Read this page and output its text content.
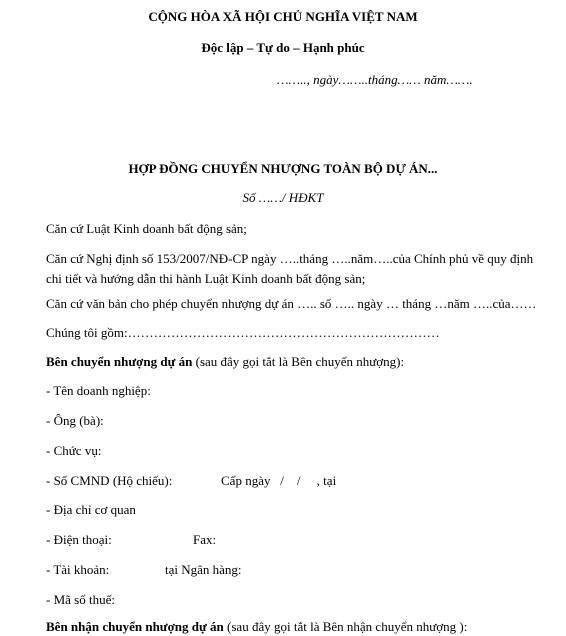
CỘNG HÒA XÃ HỘI CHỦ NGHĨA VIỆT NAM
Độc lập – Tự do – Hạnh phúc
…….., ngày……..tháng…… năm…….
HỢP ĐỒNG CHUYỂN NHƯỢNG TOÀN BỘ DỰ ÁN...
Số ……/ HĐKT
Căn cứ Luật Kinh doanh bất động sản;
Căn cứ Nghị định số 153/2007/NĐ-CP ngày …..tháng …..năm…..của Chính phủ về quy định chi tiết và hướng dẫn thi hành Luật Kinh doanh bất động sản;
Căn cứ văn bản cho phép chuyển nhượng dự án ….. số ….. ngày … tháng …năm …..của……
Chúng tôi gồm:………………………………………………………………
Bên chuyển nhượng dự án (sau đây gọi tắt là Bên chuyển nhượng):
- Tên doanh nghiệp:
- Ông (bà):
- Chức vụ:
- Số CMND (Hộ chiếu):	Cấp ngày   /    /     , tại
- Địa chỉ cơ quan
- Điện thoại:	Fax:
- Tài khoản:	tại Ngân hàng:
- Mã số thuế:
Bên nhận chuyển nhượng dự án (sau đây gọi tắt là Bên nhận chuyển nhượng ):
